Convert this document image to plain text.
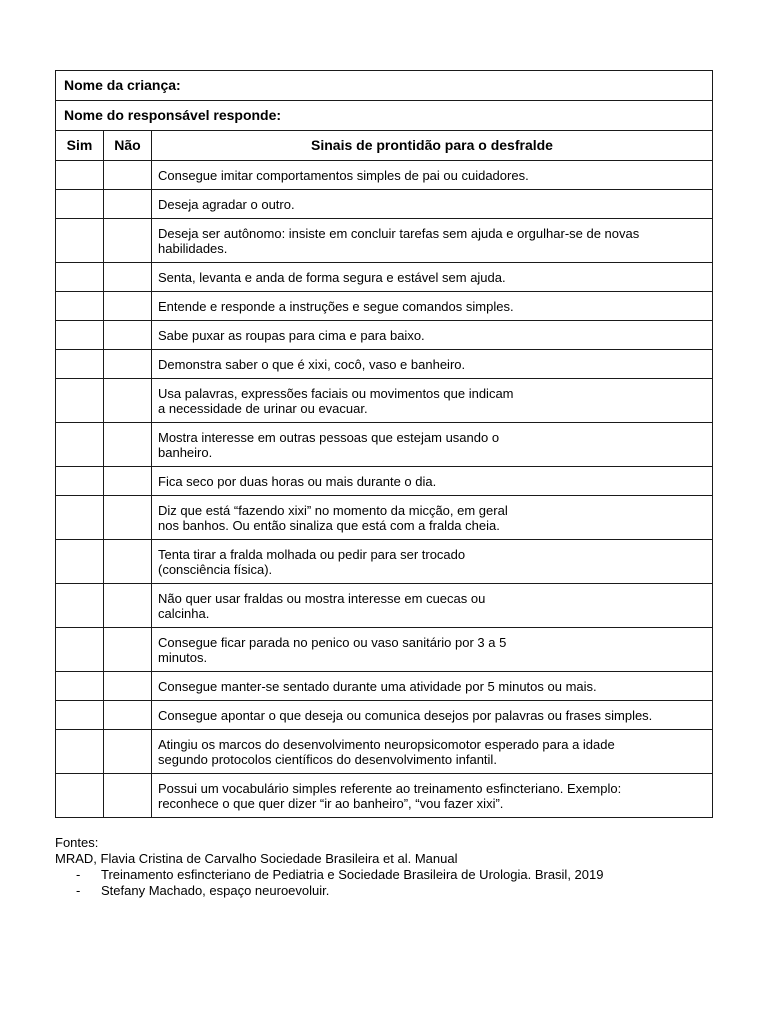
Nome da criança:		
Nome do responsável responde:		
Sim	Não	Sinais de prontidão para o desfralde

		Consegue imitar comportamentos simples de pai ou cuidadores.

		Deseja agradar o outro.

		Deseja ser autônomo: insiste em concluir tarefas sem ajuda e orgulhar-se de novas
habilidades.

		Senta, levanta e anda de forma segura e estável sem ajuda.

		Entende e responde a instruções e segue comandos simples.

		Sabe puxar as roupas para cima e para baixo.

		Demonstra saber o que é xixi, cocô, vaso e banheiro.

		Usa palavras, expressões faciais ou movimentos que indicam
a necessidade de urinar ou evacuar.

		Mostra interesse em outras pessoas que estejam usando o
banheiro.

		Fica seco por duas horas ou mais durante o dia.

		Diz que está “fazendo xixi” no momento da micção, em geral
nos banhos. Ou então sinaliza que está com a fralda cheia.

		Tenta tirar a fralda molhada ou pedir para ser trocado
(consciência física).

		Não quer usar fraldas ou mostra interesse em cuecas ou
calcinha.

		Consegue ficar parada no penico ou vaso sanitário por 3 a 5
minutos.

		Consegue manter-se sentado durante uma atividade por 5 minutos ou mais.

		Consegue apontar o que deseja ou comunica desejos por palavras ou frases simples.

		Atingiu os marcos do desenvolvimento neuropsicomotor esperado para a idade
segundo protocolos científicos do desenvolvimento infantil.

		Possui um vocabulário simples referente ao treinamento esfincteriano. Exemplo:
reconhece o que quer dizer “ir ao banheiro”, “vou fazer xixi”.
Fontes:
MRAD, Flavia Cristina de Carvalho Sociedade Brasileira et al. Manual
- Treinamento esfincteriano de Pediatria e Sociedade Brasileira de Urologia. Brasil, 2019
- Stefany Machado, espaço neuroevoluir.
